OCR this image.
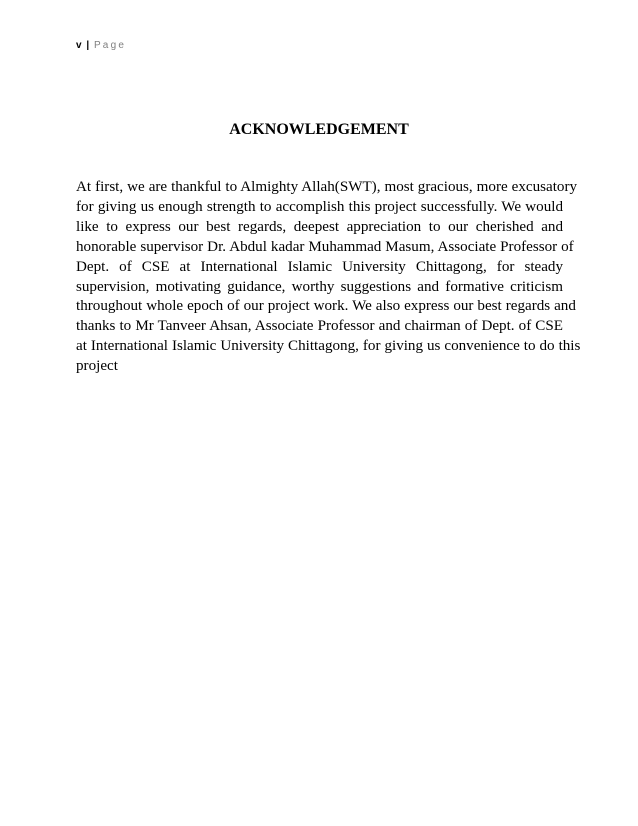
v | Page
ACKNOWLEDGEMENT
At first, we are thankful to Almighty Allah(SWT), most gracious, more excusatory
for giving us enough strength to accomplish this project successfully. We would
like to express our best regards, deepest appreciation to our cherished and
honorable supervisor Dr. Abdul kadar Muhammad Masum, Associate Professor of
Dept. of CSE at International Islamic University Chittagong, for steady
supervision, motivating guidance, worthy suggestions and formative criticism
throughout whole epoch of our project work. We also express our best regards and
thanks to Mr Tanveer Ahsan, Associate Professor and chairman of Dept. of CSE
at International Islamic University Chittagong, for giving us convenience to do this
project
